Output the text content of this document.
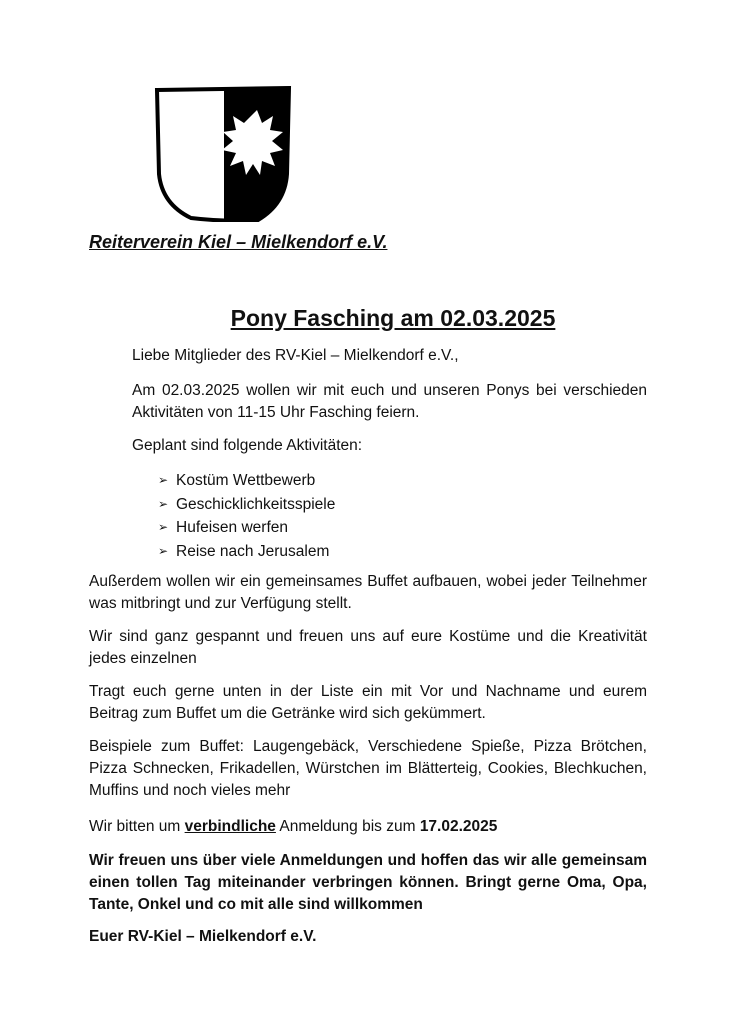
Reiterverein Kiel – Mielkendorf e.V.
Pony Fasching am 02.03.2025
Liebe Mitglieder des RV-Kiel – Mielkendorf e.V.,
Am 02.03.2025 wollen wir mit euch und unseren Ponys bei verschieden Aktivitäten von 11-15 Uhr Fasching feiern.
Geplant sind folgende Aktivitäten:
➢ Kostüm Wettbewerb
➢ Geschicklichkeitsspiele
➢ Hufeisen werfen
➢ Reise nach Jerusalem
Außerdem wollen wir ein gemeinsames Buffet aufbauen, wobei jeder Teilnehmer was mitbringt und zur Verfügung stellt.
Wir sind ganz gespannt und freuen uns auf eure Kostüme und die Kreativität jedes einzelnen
Tragt euch gerne unten in der Liste ein mit Vor und Nachname und eurem Beitrag zum Buffet um die Getränke wird sich gekümmert.
Beispiele zum Buffet: Laugengebäck, Verschiedene Spieße, Pizza Brötchen, Pizza Schnecken, Frikadellen, Würstchen im Blätterteig, Cookies, Blechkuchen, Muffins und noch vieles mehr
Wir bitten um verbindliche Anmeldung bis zum 17.02.2025
Wir freuen uns über viele Anmeldungen und hoffen das wir alle gemeinsam einen tollen Tag miteinander verbringen können. Bringt gerne Oma, Opa, Tante, Onkel und co mit alle sind willkommen
Euer RV-Kiel – Mielkendorf e.V.
